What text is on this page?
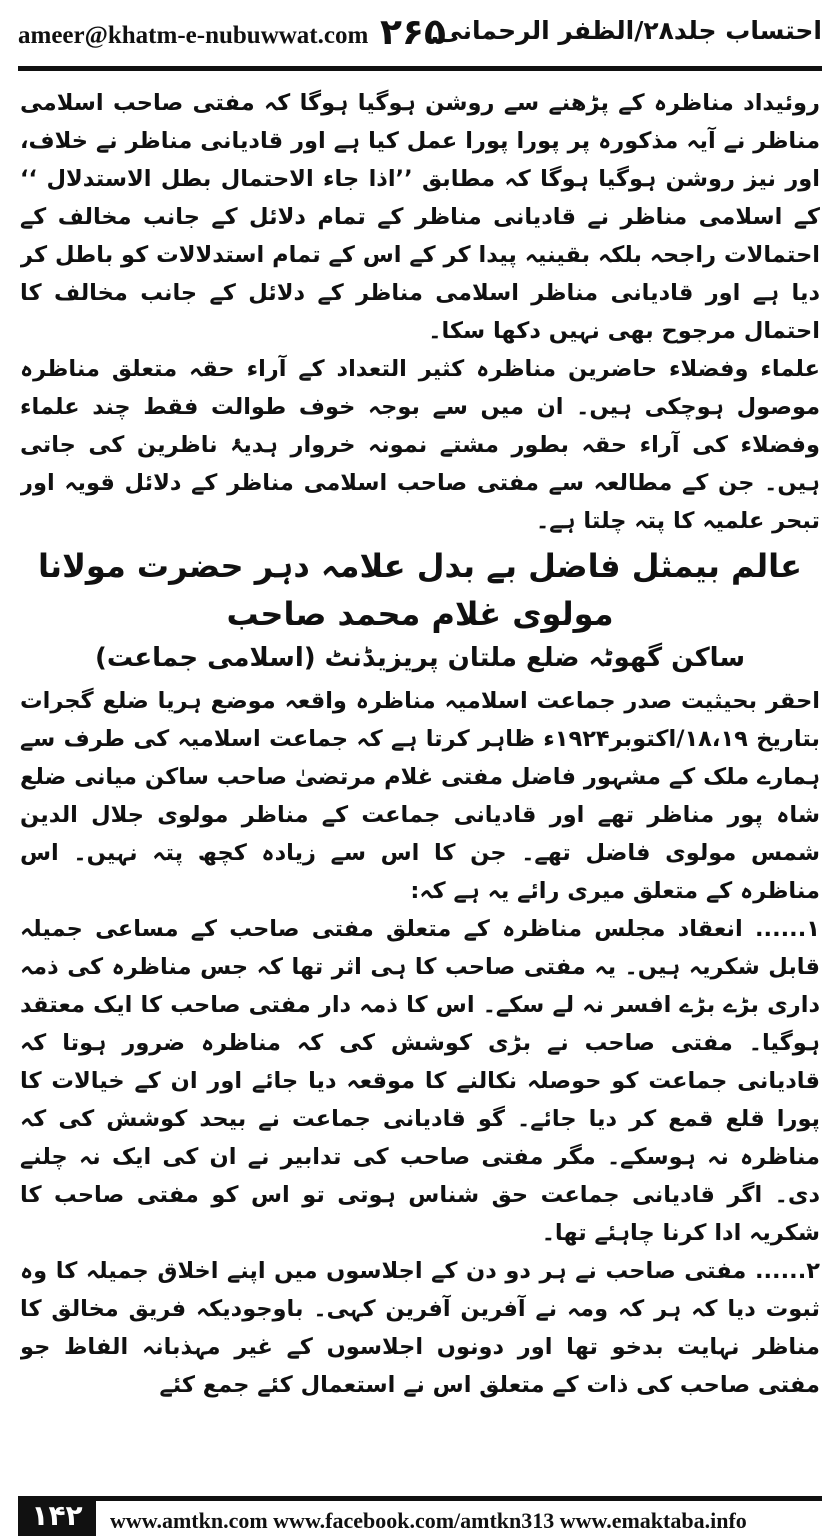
ameer@khatm-e-nubuwwat.com ۲۶۵
احتساب جلد۲۸/الظفر الرحمانی

روئیداد مناظرہ کے پڑھنے سے روشن ہوگیا ہوگا کہ مفتی صاحب اسلامی مناظر نے آیہ مذکورہ پر پورا پورا عمل کیا ہے اور قادیانی مناظر نے خلاف، اور نیز روشن ہوگیا ہوگا کہ مطابق ’’اذا جاء الاحتمال بطل الاستدلال ‘‘ کے اسلامی مناظر نے قادیانی مناظر کے تمام دلائل کے جانب مخالف کے احتمالات راجحہ بلکہ بقینیہ پیدا کر کے اس کے تمام استدلالات کو باطل کر دیا ہے اور قادیانی مناظر اسلامی مناظر کے دلائل کے جانب مخالف کا احتمال مرجوح بھی نہیں دکھا سکا۔

علماء وفضلاء حاضرین مناظرہ کثیر التعداد کے آراء حقہ متعلق مناظرہ موصول ہوچکی ہیں۔ ان میں سے بوجہ خوف طوالت فقط چند علماء وفضلاء کی آراء حقہ بطور مشتے نمونہ خروار ہدیۂ ناظرین کی جاتی ہیں۔ جن کے مطالعہ سے مفتی صاحب اسلامی مناظر کے دلائل قویہ اور تبحر علمیہ کا پتہ چلتا ہے۔

عالم بیمثل فاضل بے بدل علامہ دہر حضرت مولانا مولوی غلام محمد صاحب
ساکن گھوٹہ ضلع ملتان پریزیڈنٹ (اسلامی جماعت)

احقر بحیثیت صدر جماعت اسلامیہ مناظرہ واقعہ موضع ہریا ضلع گجرات بتاریخ ۱۸،۱۹/اکتوبر۱۹۲۴ء ظاہر کرتا ہے کہ جماعت اسلامیہ کی طرف سے ہمارے ملک کے مشہور فاضل مفتی غلام مرتضیٰ صاحب ساکن میانی ضلع شاہ پور مناظر تھے اور قادیانی جماعت کے مناظر مولوی جلال الدین شمس مولوی فاضل تھے۔ جن کا اس سے زیادہ کچھ پتہ نہیں۔ اس مناظرہ کے متعلق میری رائے یہ ہے کہ:

۱...... انعقاد مجلس مناظرہ کے متعلق مفتی صاحب کے مساعی جمیلہ قابل شکریہ ہیں۔ یہ مفتی صاحب کا ہی اثر تھا کہ جس مناظرہ کی ذمہ داری بڑے بڑے افسر نہ لے سکے۔ اس کا ذمہ دار مفتی صاحب کا ایک معتقد ہوگیا۔ مفتی صاحب نے بڑی کوشش کی کہ مناظرہ ضرور ہوتا کہ قادیانی جماعت کو حوصلہ نکالنے کا موقعہ دیا جائے اور ان کے خیالات کا پورا قلع قمع کر دیا جائے۔ گو قادیانی جماعت نے بیحد کوشش کی کہ مناظرہ نہ ہوسکے۔ مگر مفتی صاحب کی تدابیر نے ان کی ایک نہ چلنے دی۔ اگر قادیانی جماعت حق شناس ہوتی تو اس کو مفتی صاحب کا شکریہ ادا کرنا چاہئے تھا۔

۲...... مفتی صاحب نے ہر دو دن کے اجلاسوں میں اپنے اخلاق جمیلہ کا وہ ثبوت دیا کہ ہر کہ ومہ نے آفرین آفرین کہی۔ باوجودیکہ فریق مخالق کا مناظر نہایت بدخو تھا اور دونوں اجلاسوں کے غیر مہذبانہ الفاظ جو مفتی صاحب کی ذات کے متعلق اس نے استعمال کئے جمع کئے

۱۴۲	www.amtkn.com www.facebook.com/amtkn313 www.emaktaba.info
